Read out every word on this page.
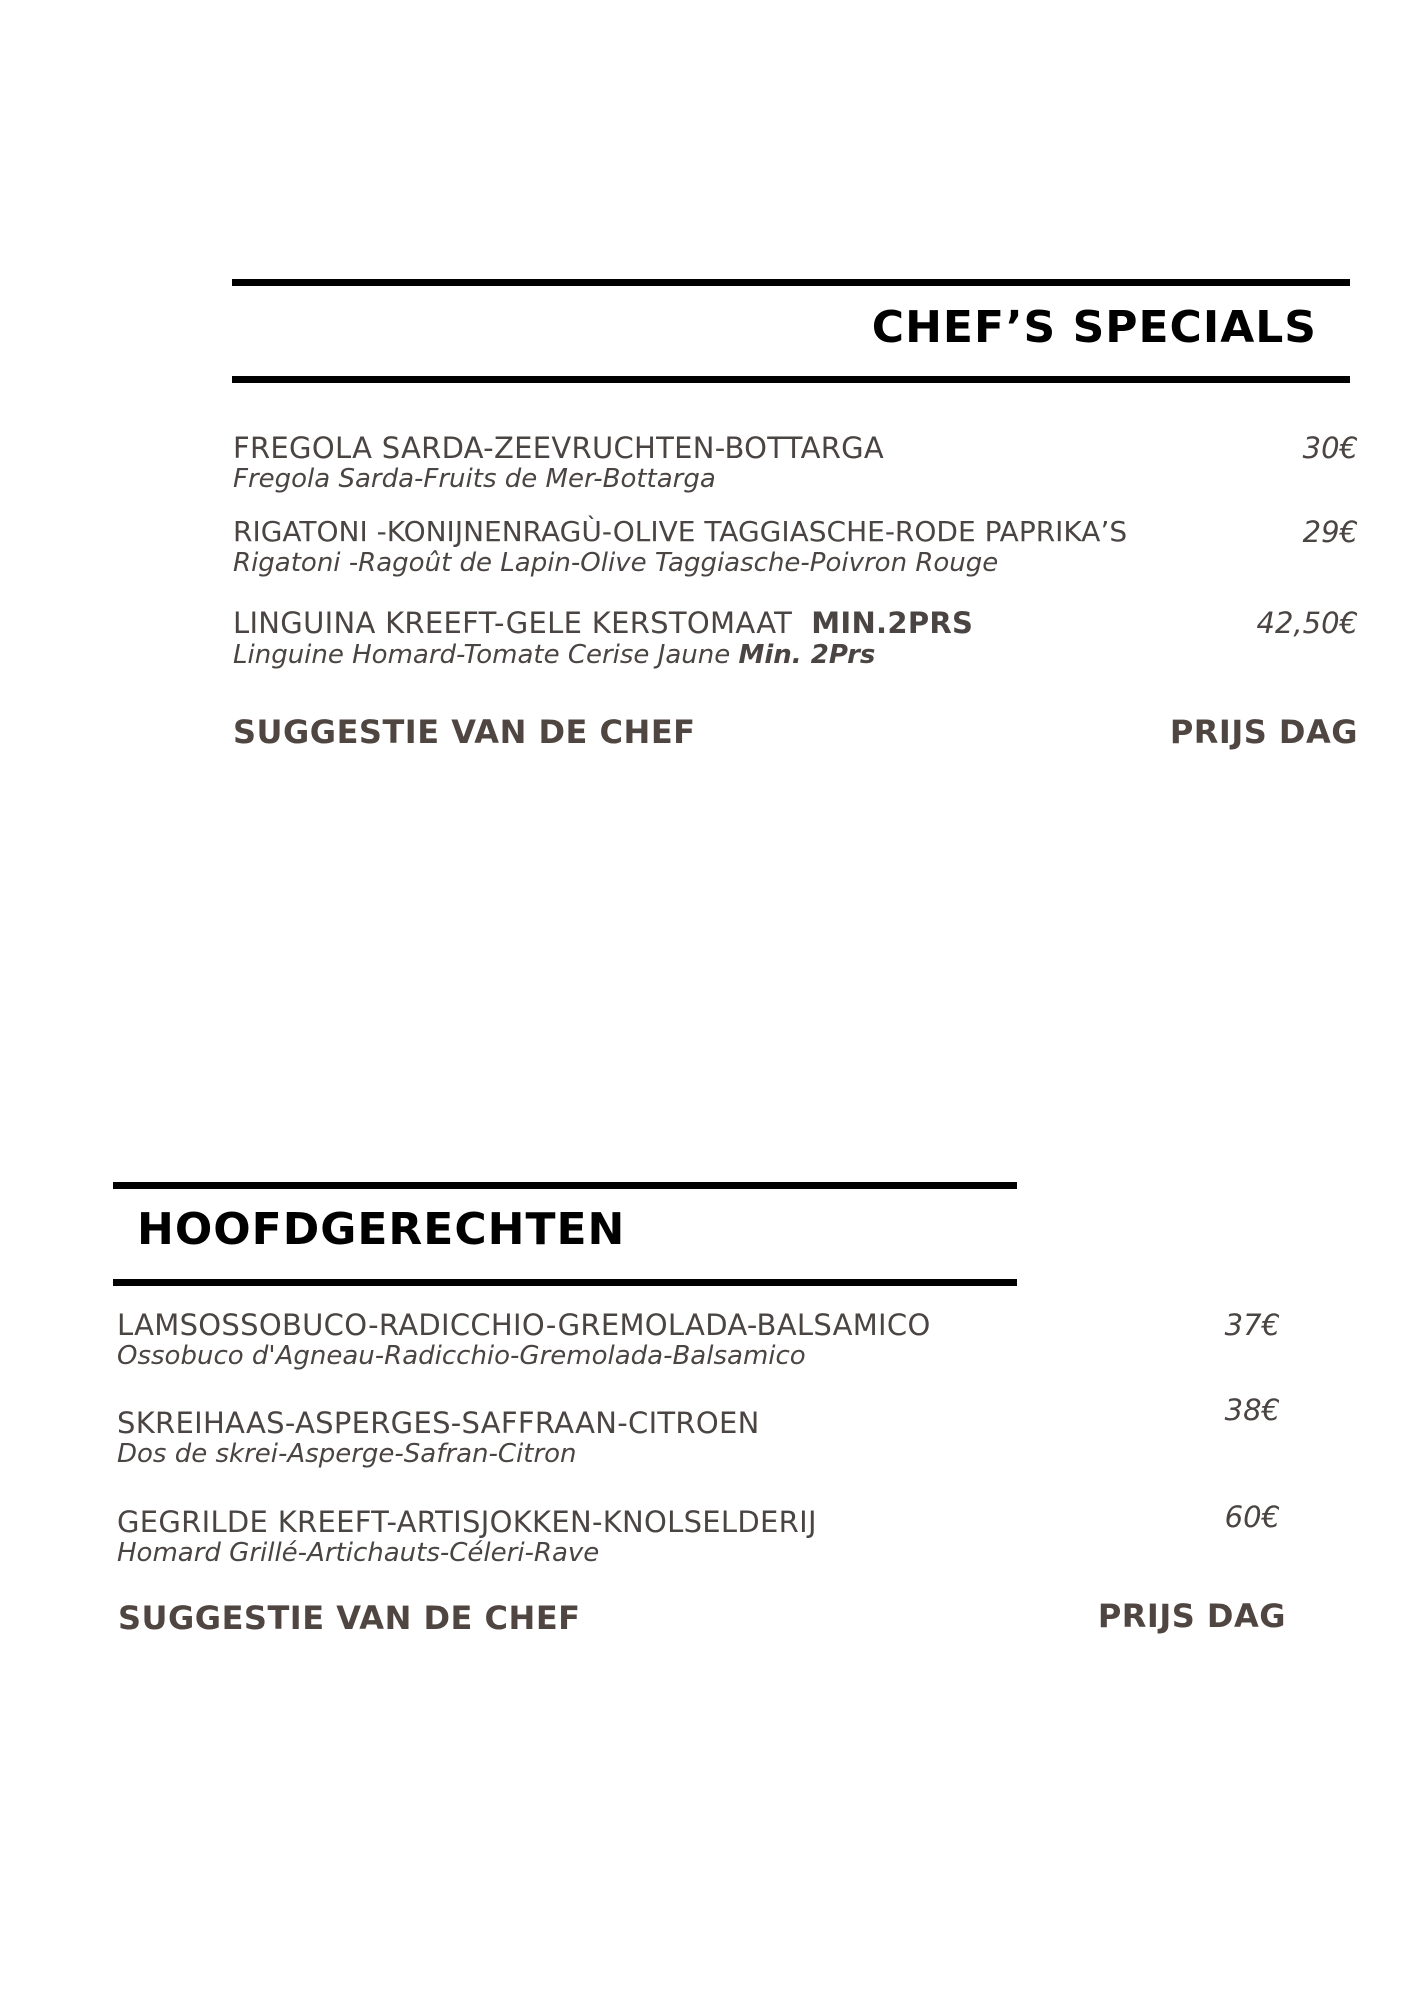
CHEF’S SPECIALS
FREGOLA SARDA-ZEEVRUCHTEN-BOTTARGA
Fregola Sarda-Fruits de Mer-Bottarga
30€
RIGATONI -KONIJNENRAGÙ-OLIVE TAGGIASCHE-RODE PAPRIKA’S
Rigatoni -Ragoût de Lapin-Olive Taggiasche-Poivron Rouge
29€
LINGUINA KREEFT-GELE KERSTOMAAT MIN.2PRS
Linguine Homard-Tomate Cerise Jaune Min. 2Prs
42,50€
SUGGESTIE VAN DE CHEF	PRIJS DAG
HOOFDGERECHTEN
LAMSOSSOBUCO-RADICCHIO-GREMOLADA-BALSAMICO
Ossobuco d'Agneau-Radicchio-Gremolada-Balsamico
37€
SKREIHAAS-ASPERGES-SAFFRAAN-CITROEN
Dos de skrei-Asperge-Safran-Citron
38€
GEGRILDE KREEFT-ARTISJOKKEN-KNOLSELDERIJ
Homard Grillé-Artichauts-Céleri-Rave
60€
SUGGESTIE VAN DE CHEF	PRIJS DAG
